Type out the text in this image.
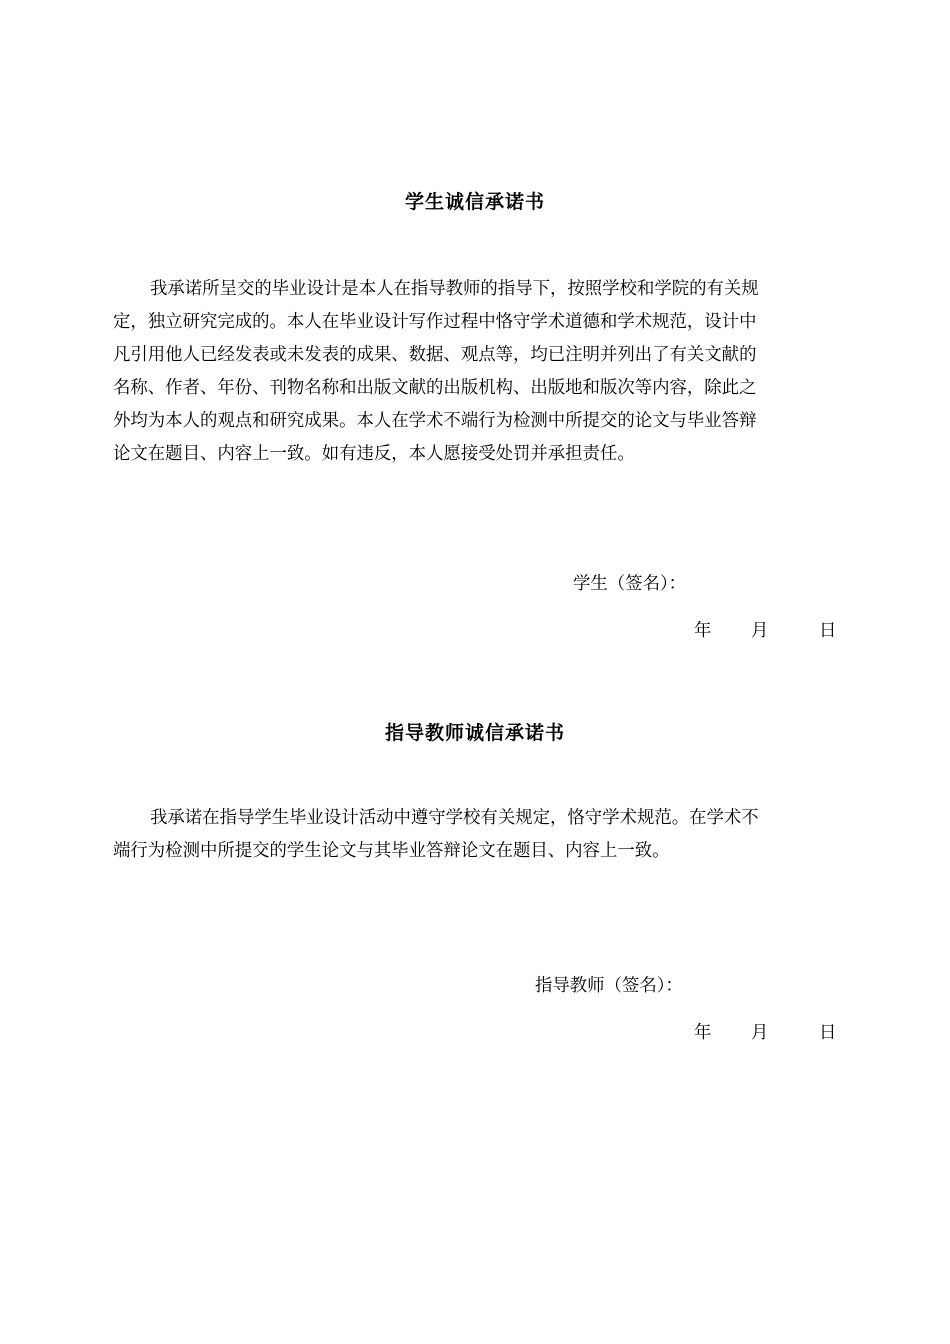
学生诚信承诺书
我承诺所呈交的毕业设计是本人在指导教师的指导下，按照学校和学院的有关规
定，独立研究完成的。本人在毕业设计写作过程中恪守学术道德和学术规范，设计中
凡引用他人已经发表或未发表的成果、数据、观点等，均已注明并列出了有关文献的
名称、作者、年份、刊物名称和出版文献的出版机构、出版地和版次等内容，除此之
外均为本人的观点和研究成果。本人在学术不端行为检测中所提交的论文与毕业答辩
论文在题目、内容上一致。如有违反，本人愿接受处罚并承担责任。
学生（签名）：
年 月	日
指导教师诚信承诺书
我承诺在指导学生毕业设计活动中遵守学校有关规定，恪守学术规范。在学术不
端行为检测中所提交的学生论文与其毕业答辩论文在题目、内容上一致。
指导教师（签名）：
年 月	日
